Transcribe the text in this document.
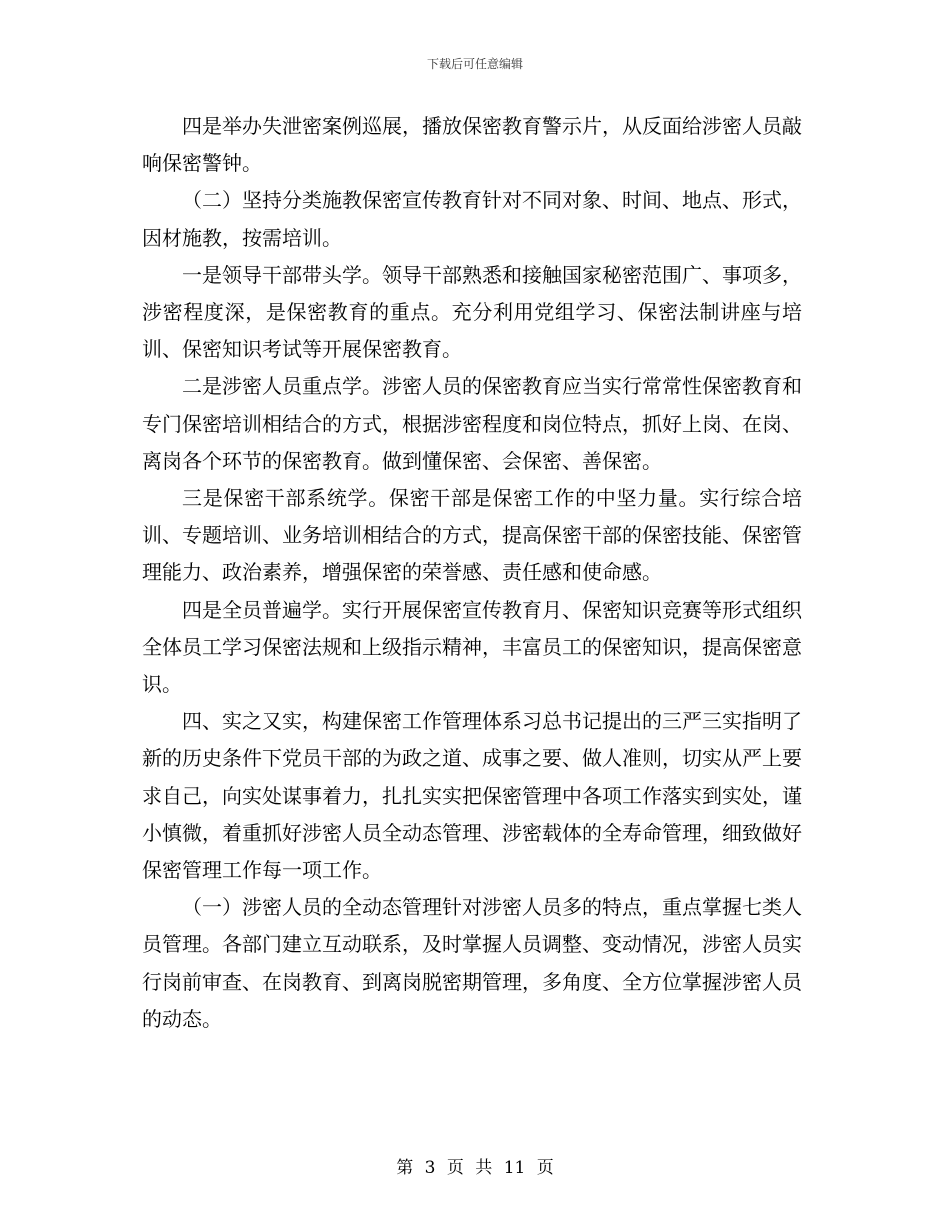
下载后可任意编辑

四是举办失泄密案例巡展，播放保密教育警示片，从反面给涉密人员敲响保密警钟。

（二）坚持分类施教保密宣传教育针对不同对象、时间、地点、形式，因材施教，按需培训。

一是领导干部带头学。领导干部熟悉和接触国家秘密范围广、事项多，涉密程度深，是保密教育的重点。充分利用党组学习、保密法制讲座与培训、保密知识考试等开展保密教育。

二是涉密人员重点学。涉密人员的保密教育应当实行常常性保密教育和专门保密培训相结合的方式，根据涉密程度和岗位特点，抓好上岗、在岗、离岗各个环节的保密教育。做到懂保密、会保密、善保密。

三是保密干部系统学。保密干部是保密工作的中坚力量。实行综合培训、专题培训、业务培训相结合的方式，提高保密干部的保密技能、保密管理能力、政治素养，增强保密的荣誉感、责任感和使命感。

四是全员普遍学。实行开展保密宣传教育月、保密知识竞赛等形式组织全体员工学习保密法规和上级指示精神，丰富员工的保密知识，提高保密意识。

四、实之又实，构建保密工作管理体系习总书记提出的三严三实指明了新的历史条件下党员干部的为政之道、成事之要、做人准则，切实从严上要求自己，向实处谋事着力，扎扎实实把保密管理中各项工作落实到实处，谨小慎微，着重抓好涉密人员全动态管理、涉密载体的全寿命管理，细致做好保密管理工作每一项工作。

（一）涉密人员的全动态管理针对涉密人员多的特点，重点掌握七类人员管理。各部门建立互动联系，及时掌握人员调整、变动情况，涉密人员实行岗前审查、在岗教育、到离岗脱密期管理，多角度、全方位掌握涉密人员的动态。

第 3 页 共 11 页
